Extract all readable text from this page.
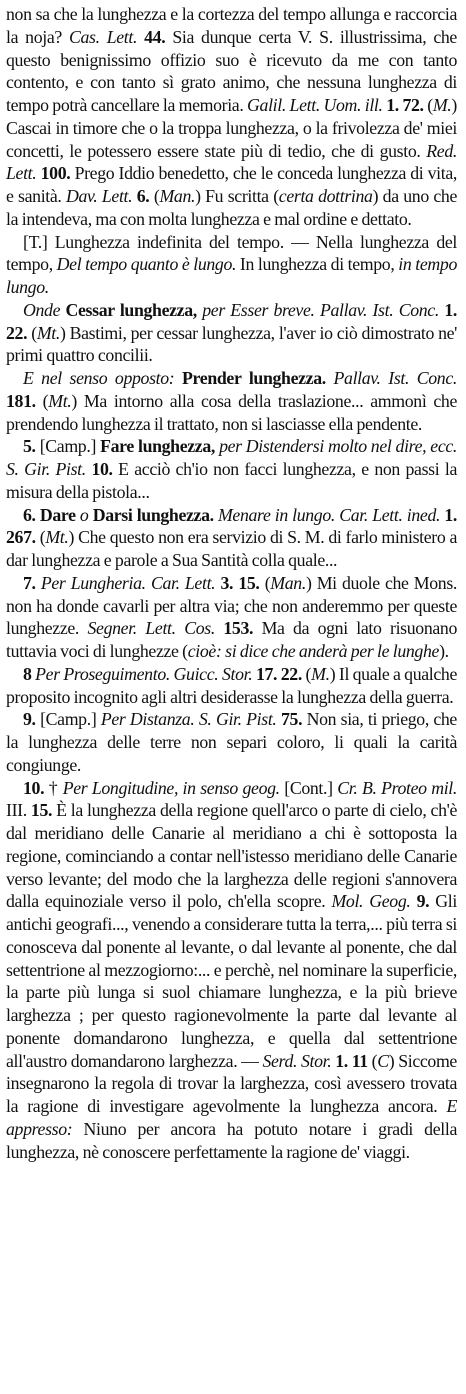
non sa che la lunghezza e la cortezza del tempo allunga e raccorcia la noja? Cas. Lett. 44. Sia dunque certa V. S. illustrissima, che questo benignissimo offizio suo è ricevuto da me con tanto contento, e con tanto sì grato animo, che nessuna lunghezza di tempo potrà cancellare la memoria. Galil. Lett. Uom. ill. 1. 72. (M.) Cascai in timore che o la troppa lunghezza, o la frivolezza de' miei concetti, le potessero essere state più di tedio, che di gusto. Red. Lett. 100. Prego Iddio benedetto, che le conceda lunghezza di vita, e sanità. Dav. Lett. 6. (Man.) Fu scritta (certa dottrina) da uno che la intendeva, ma con molta lunghezza e mal ordine e dettato.

[T.] Lunghezza indefinita del tempo. — Nella lunghezza del tempo, Del tempo quanto è lungo. In lunghezza di tempo, in tempo lungo.

Onde Cessar lunghezza, per Esser breve. Pallav. Ist. Conc. 1. 22. (Mt.) Bastimi, per cessar lunghezza, l'aver io ciò dimostrato ne' primi quattro concilii.

E nel senso opposto: Prender lunghezza. Pallav. Ist. Conc. 181. (Mt.) Ma intorno alla cosa della traslazione... ammonì che prendendo lunghezza il trattato, non si lasciasse ella pendente.

5. [Camp.] Fare lunghezza, per Distendersi molto nel dire, ecc. S. Gir. Pist. 10. E acciò ch'io non facci lunghezza, e non passi la misura della pistola...

6. Dare o Darsi lunghezza. Menare in lungo. Car. Lett. ined. 1. 267. (Mt.) Che questo non era servizio di S. M. di farlo ministero a dar lunghezza e parole a Sua Santità colla quale...

7. Per Lungheria. Car. Lett. 3. 15. (Man.) Mi duole che Mons. non ha donde cavarli per altra via; che non anderemmo per queste lunghezze. Segner. Lett. Cos. 153. Ma da ogni lato risuonano tuttavia voci di lunghezze (cioè: si dice che anderà per le lunghe).

8 Per Proseguimento. Guicc. Stor. 17. 22. (M.) Il quale a qualche proposito incognito agli altri desiderasse la lunghezza della guerra.

9. [Camp.] Per Distanza. S. Gir. Pist. 75. Non sia, ti priego, che la lunghezza delle terre non separi coloro, li quali la carità congiunge.

10. † Per Longitudine, in senso geog. [Cont.] Cr. B. Proteo mil. III. 15. È la lunghezza della regione quell'arco o parte di cielo, ch'è dal meridiano delle Canarie al meridiano a chi è sottoposta la regione, cominciando a contar nell'istesso meridiano delle Canarie verso levante; del modo che la larghezza delle regioni s'annovera dalla equinoziale verso il polo, ch'ella scopre. Mol. Geog. 9. Gli antichi geografi..., venendo a considerare tutta la terra,... più terra si conosceva dal ponente al levante, o dal levante al ponente, che dal settentrione al mezzogiorno:... e perchè, nel nominare la superficie, la parte più lunga si suol chiamare lunghezza, e la più brieve larghezza ; per questo ragionevolmente la parte dal levante al ponente domandarono lunghezza, e quella dal settentrione all'austro domandarono larghezza. — Serd. Stor. 1. 11 (C) Siccome insegnarono la regola di trovar la larghezza, così avessero trovata la ragione di investigare agevolmente la lunghezza ancora. E appresso: Niuno per ancora ha potuto notare i gradi della lunghezza, nè conoscere perfettamente la ragione de' viaggi.
